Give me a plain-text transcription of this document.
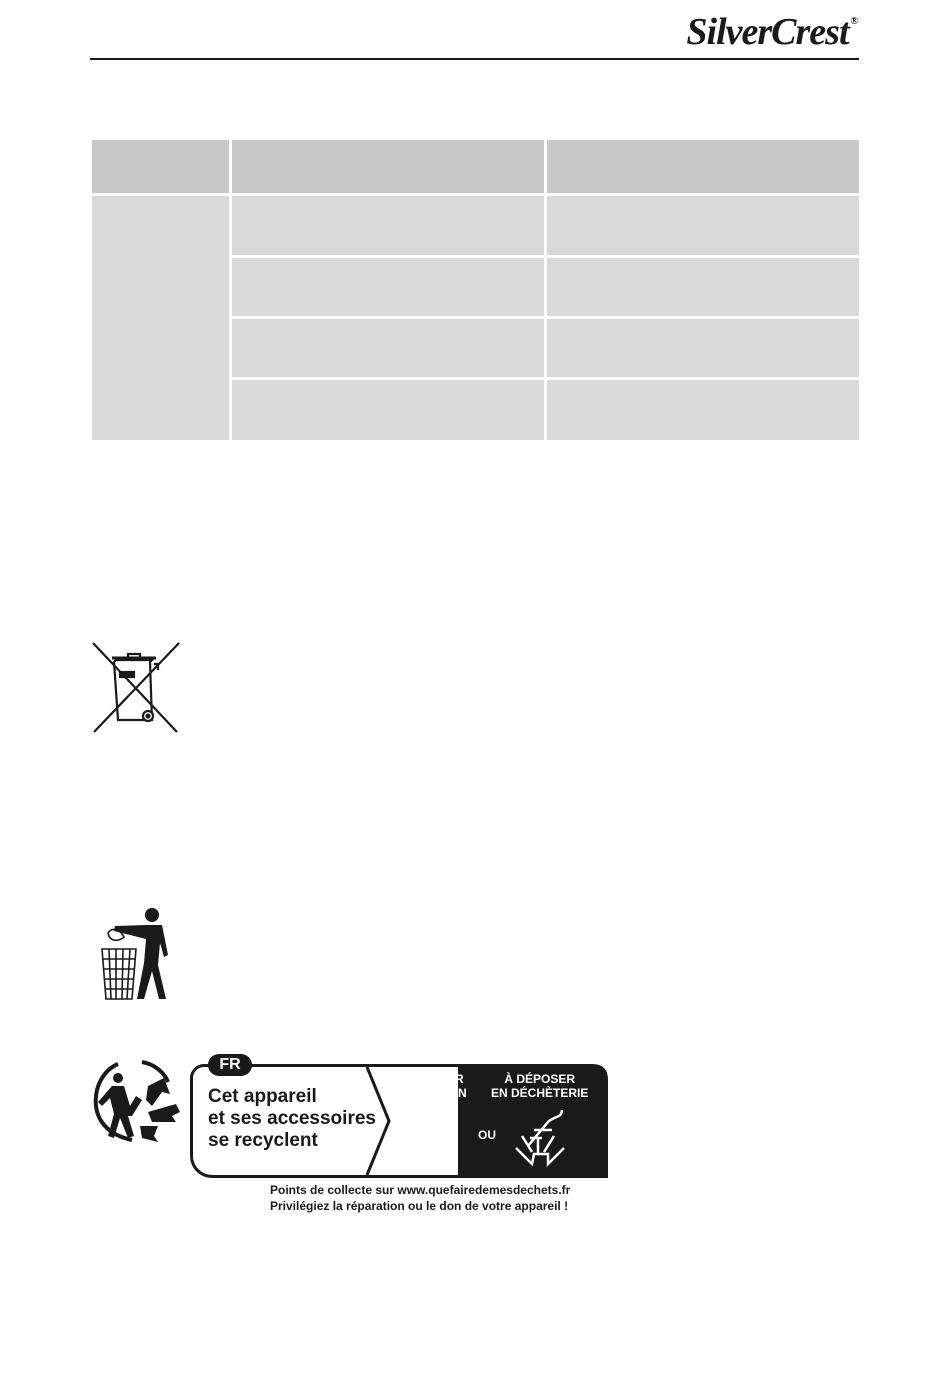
SilverCrest ®
FR
Cet appareil
et ses accessoires
se recyclent
À DÉPOSER
EN MAGASIN
À DÉPOSER
EN DÉCHÈTERIE
OU
Points de collecte sur www.quefairedemesdechets.fr
Privilégiez la réparation ou le don de votre appareil !
